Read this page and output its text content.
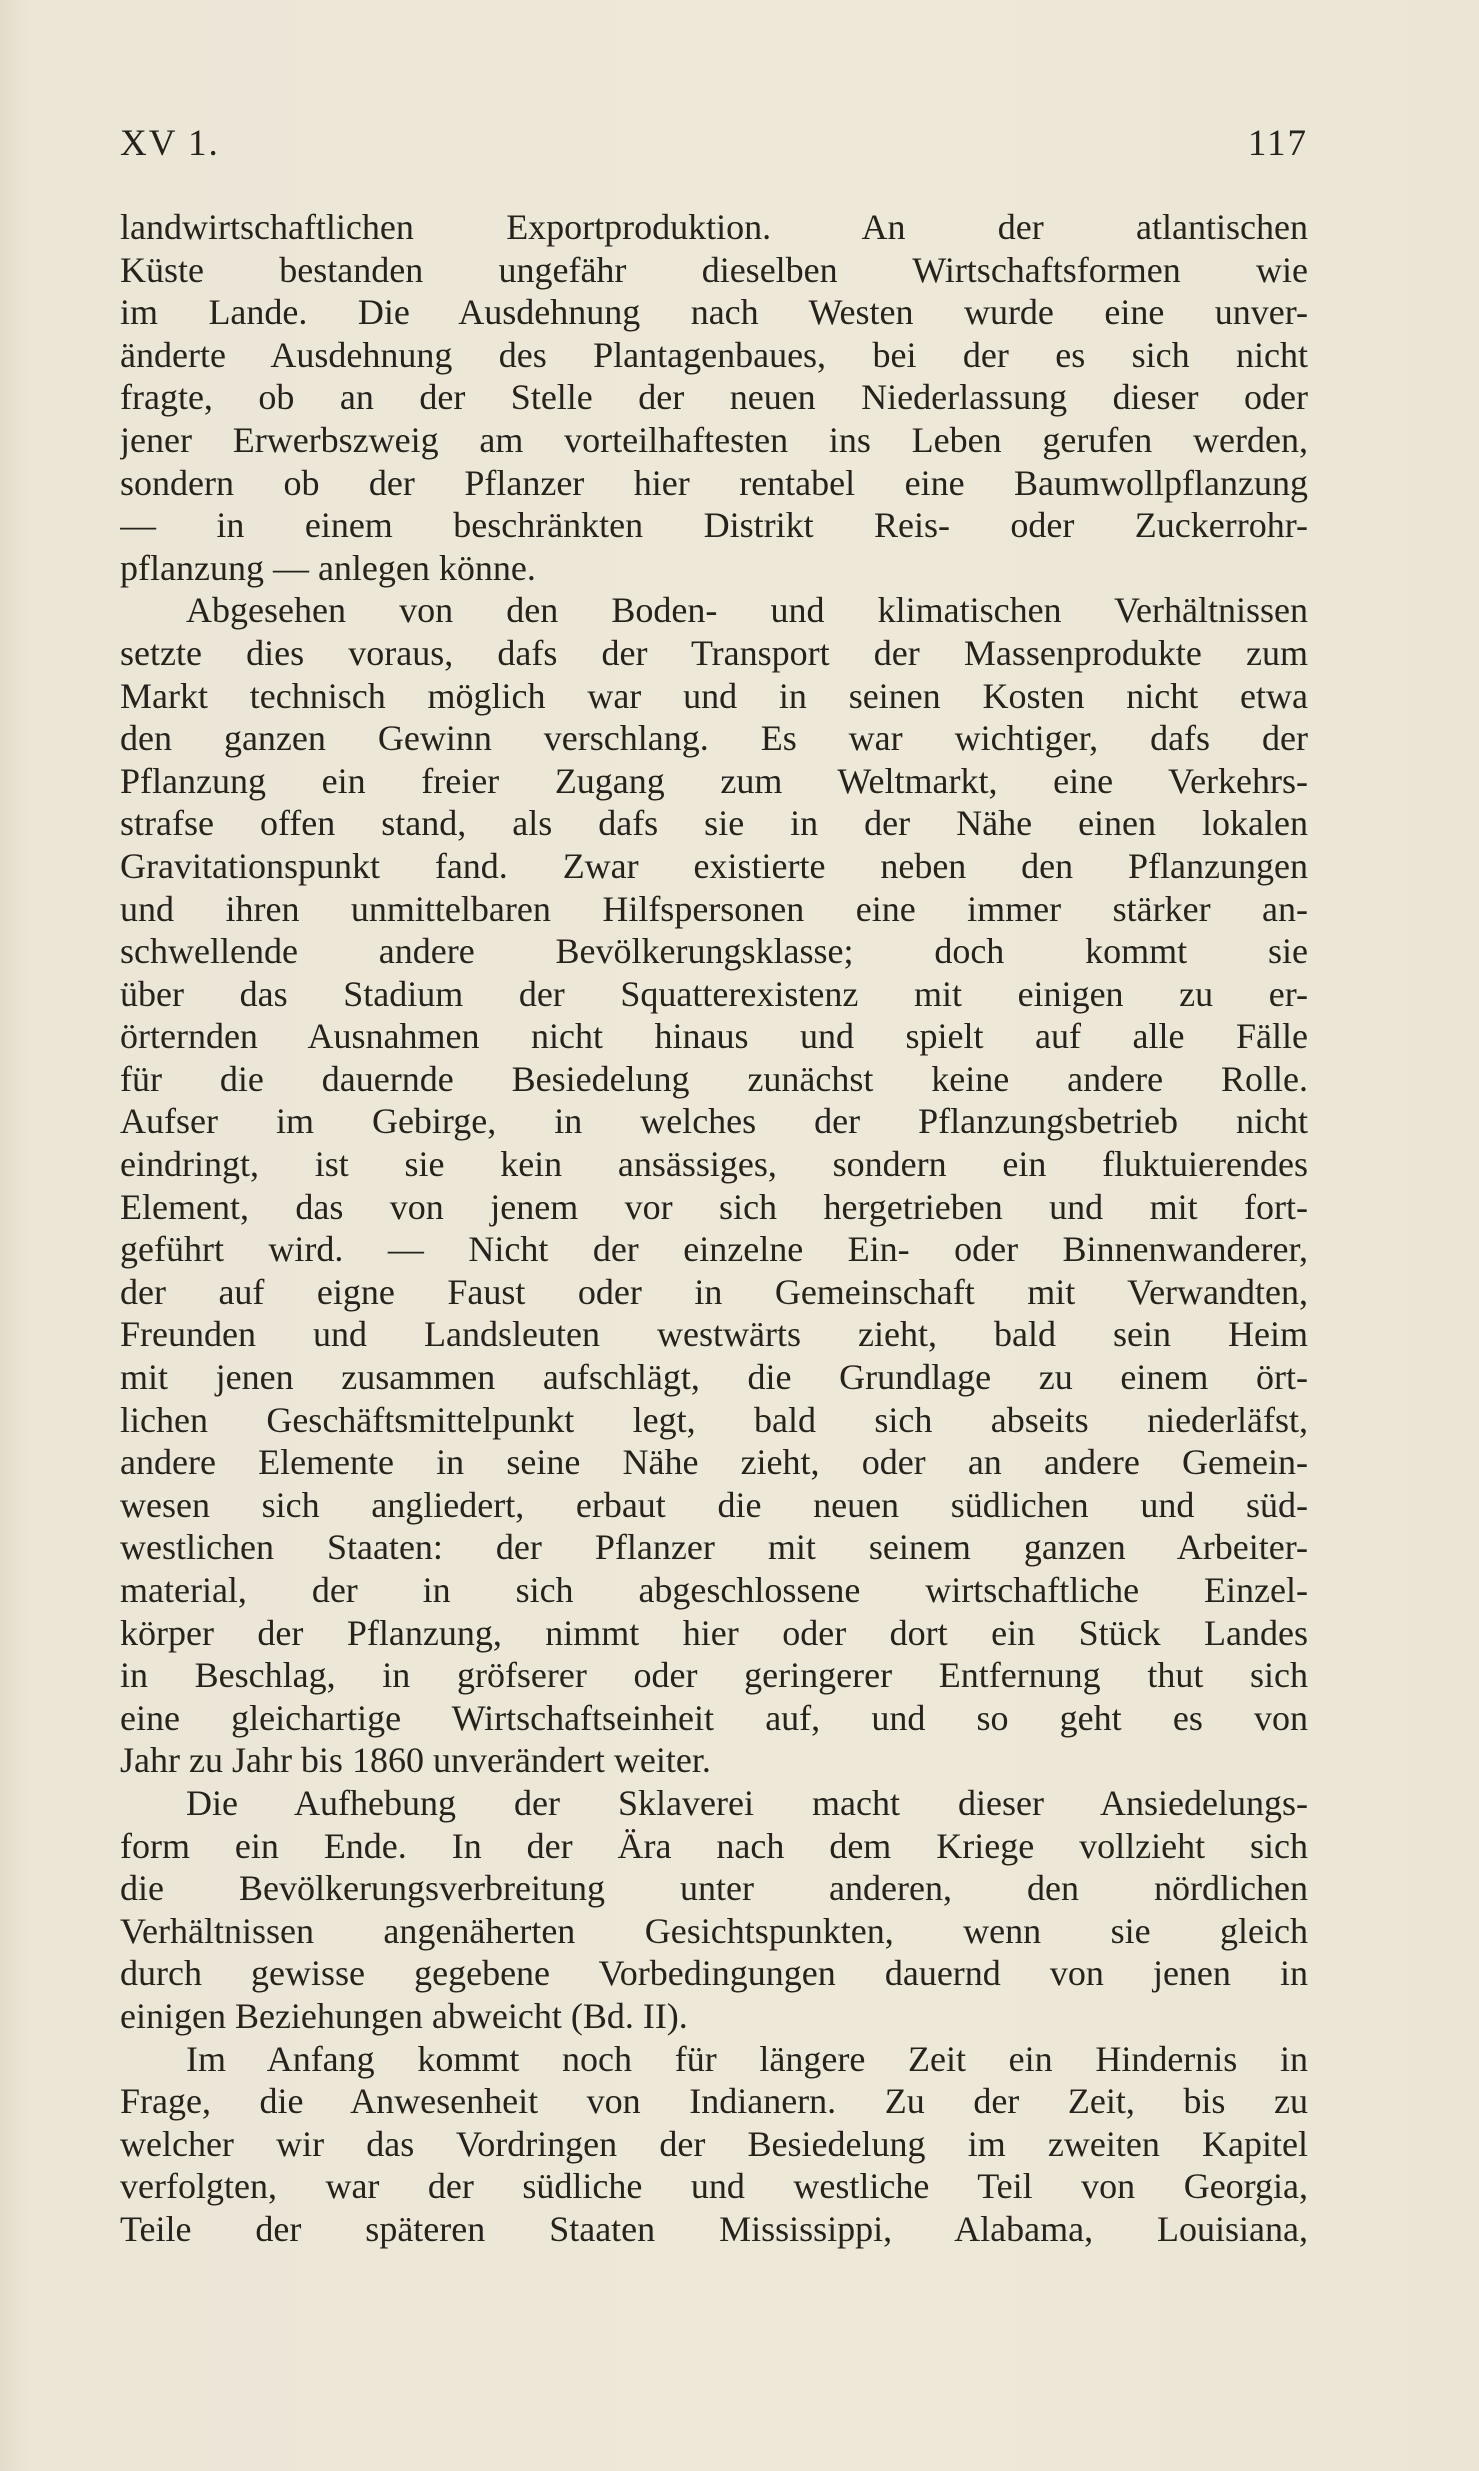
XV 1.	117
landwirtschaftlichen Exportproduktion. An der atlantischen
Küste bestanden ungefähr dieselben Wirtschaftsformen wie
im Lande. Die Ausdehnung nach Westen wurde eine unver-
änderte Ausdehnung des Plantagenbaues, bei der es sich nicht
fragte, ob an der Stelle der neuen Niederlassung dieser oder
jener Erwerbszweig am vorteilhaftesten ins Leben gerufen werden,
sondern ob der Pflanzer hier rentabel eine Baumwollpflanzung
— in einem beschränkten Distrikt Reis- oder Zuckerrohr-
pflanzung — anlegen könne.
Abgesehen von den Boden- und klimatischen Verhältnissen
setzte dies voraus, dafs der Transport der Massenprodukte zum
Markt technisch möglich war und in seinen Kosten nicht etwa
den ganzen Gewinn verschlang. Es war wichtiger, dafs der
Pflanzung ein freier Zugang zum Weltmarkt, eine Verkehrs-
strafse offen stand, als dafs sie in der Nähe einen lokalen
Gravitationspunkt fand. Zwar existierte neben den Pflanzungen
und ihren unmittelbaren Hilfspersonen eine immer stärker an-
schwellende andere Bevölkerungsklasse; doch kommt sie
über das Stadium der Squatterexistenz mit einigen zu er-
örternden Ausnahmen nicht hinaus und spielt auf alle Fälle
für die dauernde Besiedelung zunächst keine andere Rolle.
Aufser im Gebirge, in welches der Pflanzungsbetrieb nicht
eindringt, ist sie kein ansässiges, sondern ein fluktuierendes
Element, das von jenem vor sich hergetrieben und mit fort-
geführt wird. — Nicht der einzelne Ein- oder Binnenwanderer,
der auf eigne Faust oder in Gemeinschaft mit Verwandten,
Freunden und Landsleuten westwärts zieht, bald sein Heim
mit jenen zusammen aufschlägt, die Grundlage zu einem ört-
lichen Geschäftsmittelpunkt legt, bald sich abseits niederläfst,
andere Elemente in seine Nähe zieht, oder an andere Gemein-
wesen sich angliedert, erbaut die neuen südlichen und süd-
westlichen Staaten: der Pflanzer mit seinem ganzen Arbeiter-
material, der in sich abgeschlossene wirtschaftliche Einzel-
körper der Pflanzung, nimmt hier oder dort ein Stück Landes
in Beschlag, in gröfserer oder geringerer Entfernung thut sich
eine gleichartige Wirtschaftseinheit auf, und so geht es von
Jahr zu Jahr bis 1860 unverändert weiter.
Die Aufhebung der Sklaverei macht dieser Ansiedelungs-
form ein Ende. In der Ära nach dem Kriege vollzieht sich
die Bevölkerungsverbreitung unter anderen, den nördlichen
Verhältnissen angenäherten Gesichtspunkten, wenn sie gleich
durch gewisse gegebene Vorbedingungen dauernd von jenen in
einigen Beziehungen abweicht (Bd. II).
Im Anfang kommt noch für längere Zeit ein Hindernis in
Frage, die Anwesenheit von Indianern. Zu der Zeit, bis zu
welcher wir das Vordringen der Besiedelung im zweiten Kapitel
verfolgten, war der südliche und westliche Teil von Georgia,
Teile der späteren Staaten Mississippi, Alabama, Louisiana,
